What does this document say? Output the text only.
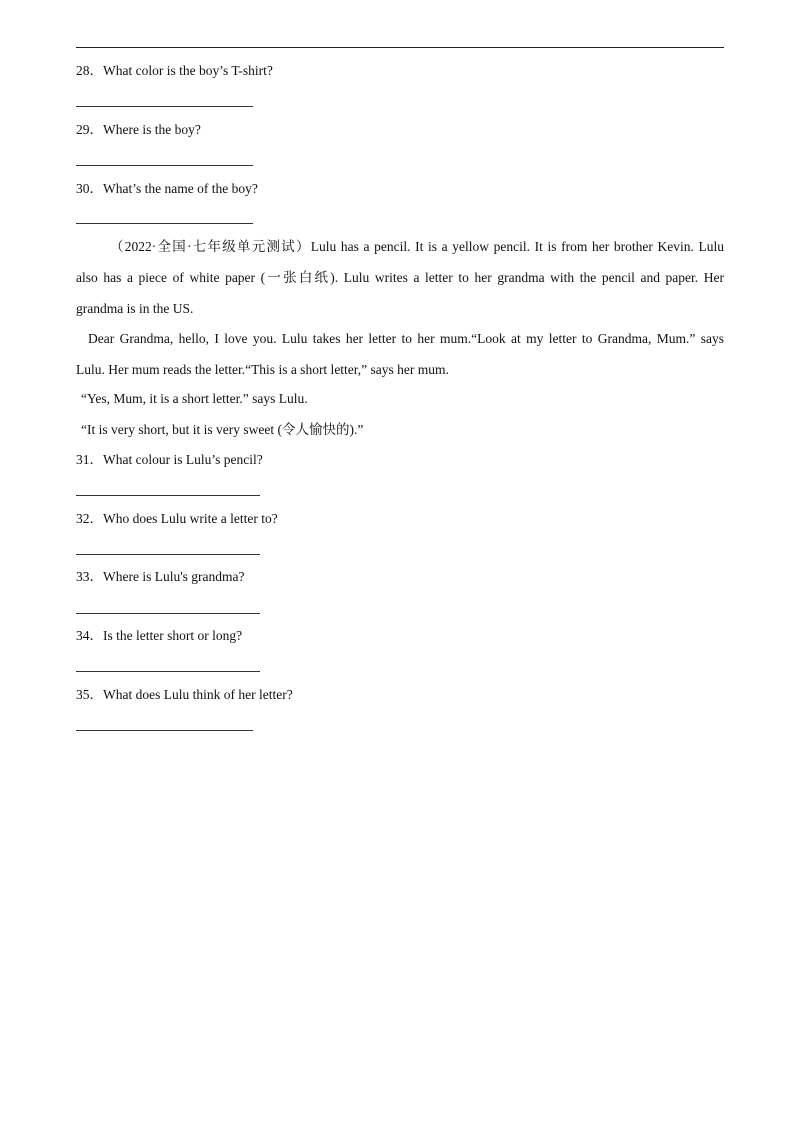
28．What color is the boy’s T-shirt?
29．Where is the boy?
30．What’s the name of the boy?
（2022·全国·七年级单元测试）Lulu has a pencil. It is a yellow pencil. It is from her brother Kevin. Lulu
also has a piece of white paper (一张白纸). Lulu writes a letter to her grandma with the pencil and paper. Her
grandma is in the US.
Dear Grandma, hello, I love you. Lulu takes her letter to her mum.“Look at my letter to Grandma, Mum.” says
Lulu. Her mum reads the letter.“This is a short letter,” says her mum.
“Yes, Mum, it is a short letter.” says Lulu.
“It is very short, but it is very sweet (令人愉快的).”
31．What colour is Lulu’s pencil?
32．Who does Lulu write a letter to?
33．Where is Lulu's grandma?
34．Is the letter short or long?
35．What does Lulu think of her letter?
